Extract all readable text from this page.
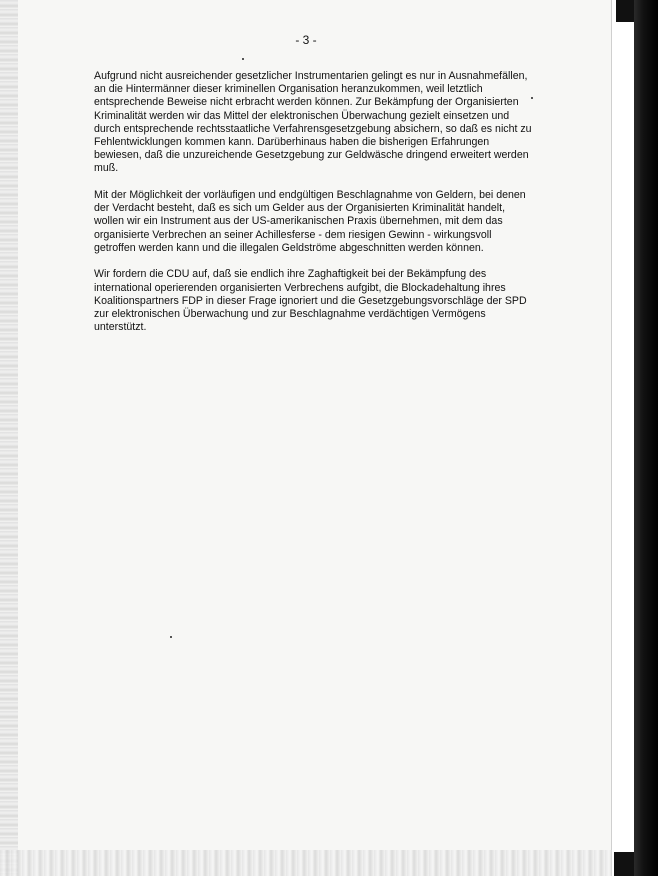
- 3 -

Aufgrund nicht ausreichender gesetzlicher Instrumentarien gelingt es nur in Ausnahmefällen, an die Hintermänner dieser kriminellen Organisation heranzukommen, weil letztlich entsprechende Beweise nicht erbracht werden können. Zur Bekämpfung der Organisierten Kriminalität werden wir das Mittel der elektronischen Überwachung gezielt einsetzen und durch entsprechende rechtsstaatliche Verfahrensgesetzgebung absichern, so daß es nicht zu Fehlentwicklungen kommen kann. Darüberhinaus haben die bisherigen Erfahrungen bewiesen, daß die unzureichende Gesetzgebung zur Geldwäsche dringend erweitert werden muß.

Mit der Möglichkeit der vorläufigen und endgültigen Beschlagnahme von Geldern, bei denen der Verdacht besteht, daß es sich um Gelder aus der Organisierten Kriminalität handelt, wollen wir ein Instrument aus der US-amerikanischen Praxis übernehmen, mit dem das organisierte Verbrechen an seiner Achillesferse - dem riesigen Gewinn - wirkungsvoll getroffen werden kann und die illegalen Geldströme abgeschnitten werden können.

Wir fordern die CDU auf, daß sie endlich ihre Zaghaftigkeit bei der Bekämpfung des international operierenden organisierten Verbrechens aufgibt, die Blockadehaltung ihres Koalitionspartners FDP in dieser Frage ignoriert und die Gesetzgebungsvorschläge der SPD zur elektronischen Überwachung und zur Beschlagnahme verdächtigen Vermögens unterstützt.
